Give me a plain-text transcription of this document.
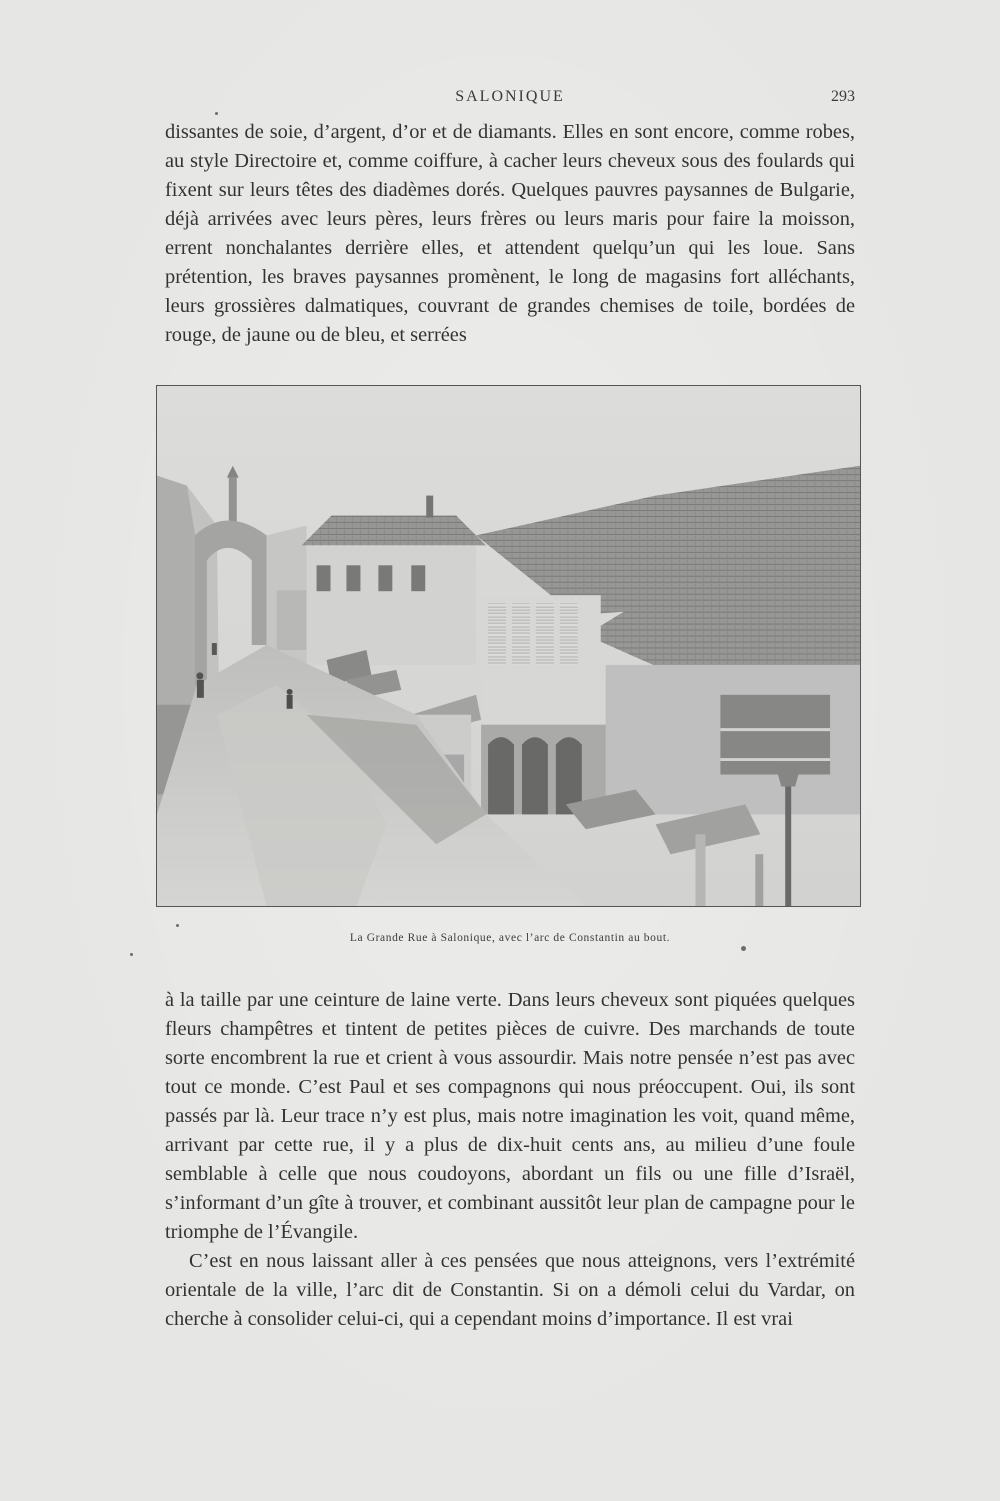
SALONIQUE	293

dissantes de soie, d’argent, d’or et de diamants. Elles en sont encore, comme robes, au style Directoire et, comme coiffure, à cacher leurs cheveux sous des foulards qui fixent sur leurs têtes des diadèmes dorés. Quelques pauvres paysannes de Bulgarie, déjà arrivées avec leurs pères, leurs frères ou leurs maris pour faire la moisson, errent nonchalantes derrière elles, et attendent quelqu’un qui les loue. Sans prétention, les braves paysannes promènent, le long de magasins fort alléchants, leurs grossières dalmatiques, couvrant de grandes chemises de toile, bordées de rouge, de jaune ou de bleu, et serrées

La Grande Rue à Salonique, avec l’arc de Constantin au bout.

à la taille par une ceinture de laine verte. Dans leurs cheveux sont piquées quelques fleurs champêtres et tintent de petites pièces de cuivre. Des marchands de toute sorte encombrent la rue et crient à vous assourdir. Mais notre pensée n’est pas avec tout ce monde. C’est Paul et ses compagnons qui nous préoccupent. Oui, ils sont passés par là. Leur trace n’y est plus, mais notre imagination les voit, quand même, arrivant par cette rue, il y a plus de dix-huit cents ans, au milieu d’une foule semblable à celle que nous coudoyons, abordant un fils ou une fille d’Israël, s’informant d’un gîte à trouver, et combinant aussitôt leur plan de campagne pour le triomphe de l’Évangile.

C’est en nous laissant aller à ces pensées que nous atteignons, vers l’extrémité orientale de la ville, l’arc dit de Constantin. Si on a démoli celui du Vardar, on cherche à consolider celui-ci, qui a cependant moins d’importance. Il est vrai
